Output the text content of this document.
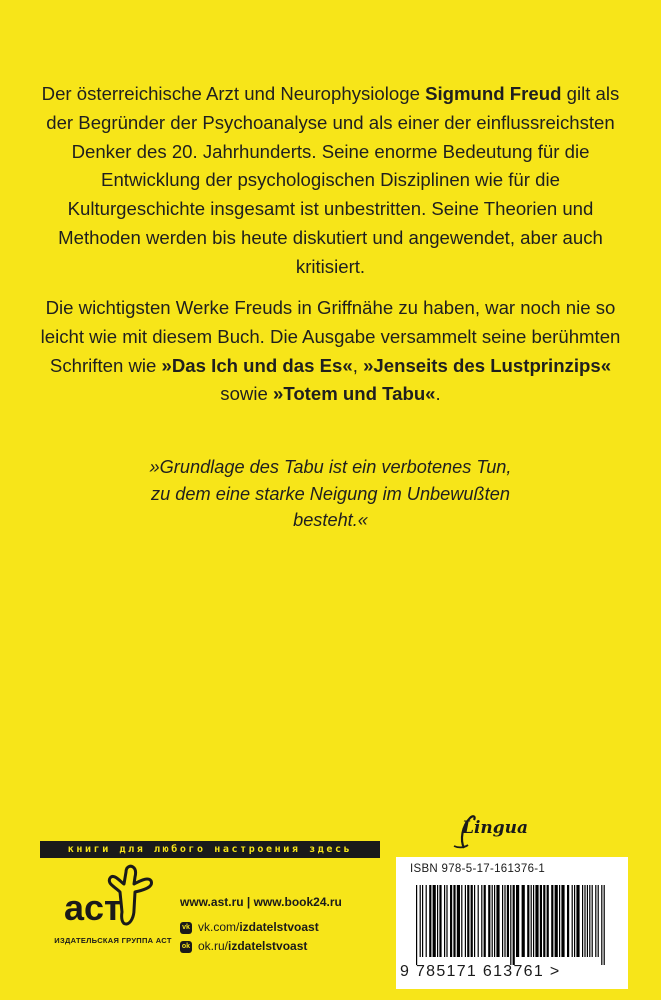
Der österreichische Arzt und Neurophysiologe Sigmund Freud gilt als der Begründer der Psychoanalyse und als einer der einflussreichsten Denker des 20. Jahrhunderts. Seine enorme Bedeutung für die Entwicklung der psychologischen Disziplinen wie für die Kulturgeschichte insgesamt ist unbestritten. Seine Theorien und Methoden werden bis heute diskutiert und angewendet, aber auch kritisiert.

Die wichtigsten Werke Freuds in Griffnähe zu haben, war noch nie so leicht wie mit diesem Buch. Die Ausgabe versammelt seine berühmten Schriften wie »Das Ich und das Es«, »Jenseits des Lustprinzips« sowie »Totem und Tabu«.

»Grundlage des Tabu ist ein verbotenes Tun,
zu dem eine starke Neigung im Unbewußten
besteht.«
книги для любого настроения здесь
аст
ИЗДАТЕЛЬСКАЯ ГРУППА АСТ
www.ast.ru | www.book24.ru
vk vk.com/izdatelstvoast
ok ok.ru/izdatelstvoast
Lingua
ISBN 978-5-17-161376-1
9 785171 613761 >
